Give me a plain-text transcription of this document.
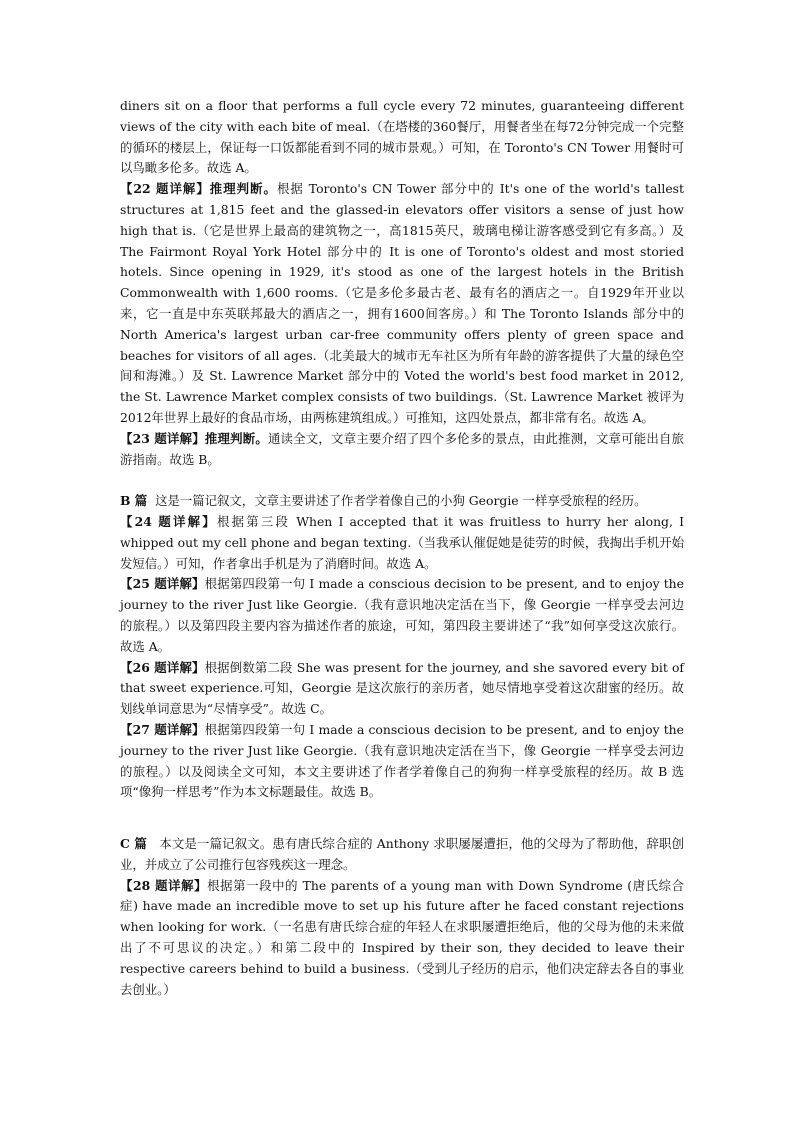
diners sit on a floor that performs a full cycle every 72 minutes, guaranteeing different views of the city with each bite of meal.（在塔楼的360餐厅，用餐者坐在每72分钟完成一个完整的循环的楼层上，保证每一口饭都能看到不同的城市景观。）可知，在 Toronto's CN Tower 用餐时可以鸟瞰多伦多。故选 A。

【22 题详解】推理判断。根据 Toronto's CN Tower 部分中的 It's one of the world's tallest structures at 1,815 feet and the glassed-in elevators offer visitors a sense of just how high that is.（它是世界上最高的建筑物之一，高1815英尺，玻璃电梯让游客感受到它有多高。）及 The Fairmont Royal York Hotel 部分中的 It is one of Toronto's oldest and most storied hotels. Since opening in 1929, it's stood as one of the largest hotels in the British Commonwealth with 1,600 rooms.（它是多伦多最古老、最有名的酒店之一。自1929年开业以来，它一直是中东英联邦最大的酒店之一，拥有1600间客房。）和 The Toronto Islands 部分中的 North America's largest urban car-free community offers plenty of green space and beaches for visitors of all ages.（北美最大的城市无车社区为所有年龄的游客提供了大量的绿色空间和海滩。）及 St. Lawrence Market 部分中的 Voted the world's best food market in 2012, the St. Lawrence Market complex consists of two buildings.（St. Lawrence Market 被评为2012年世界上最好的食品市场，由两栋建筑组成。）可推知，这四处景点，都非常有名。故选 A。

【23 题详解】推理判断。通读全文，文章主要介绍了四个多伦多的景点，由此推测，文章可能出自旅游指南。故选 B。

B 篇 这是一篇记叙文，文章主要讲述了作者学着像自己的小狗 Georgie 一样享受旅程的经历。

【24 题详解】根据第三段 When I accepted that it was fruitless to hurry her along, I whipped out my cell phone and began texting.（当我承认催促她是徒劳的时候，我掏出手机开始发短信。）可知，作者拿出手机是为了消磨时间。故选 A。

【25 题详解】根据第四段第一句 I made a conscious decision to be present, and to enjoy the journey to the river Just like Georgie.（我有意识地决定活在当下，像 Georgie 一样享受去河边的旅程。）以及第四段主要内容为描述作者的旅途，可知，第四段主要讲述了“我”如何享受这次旅行。故选 A。

【26 题详解】根据倒数第二段 She was present for the journey, and she savored every bit of that sweet experience.可知，Georgie 是这次旅行的亲历者，她尽情地享受着这次甜蜜的经历。故划线单词意思为“尽情享受”。故选 C。

【27 题详解】根据第四段第一句 I made a conscious decision to be present, and to enjoy the journey to the river Just like Georgie.（我有意识地决定活在当下，像 Georgie 一样享受去河边的旅程。）以及阅读全文可知，本文主要讲述了作者学着像自己的狗狗一样享受旅程的经历。故 B 选项“像狗一样思考”作为本文标题最佳。故选 B。

C 篇　本文是一篇记叙文。患有唐氏综合症的 Anthony 求职屡屡遭拒，他的父母为了帮助他，辞职创业，并成立了公司推行包容残疾这一理念。

【28 题详解】根据第一段中的 The parents of a young man with Down Syndrome (唐氏综合症) have made an incredible move to set up his future after he faced constant rejections when looking for work.（一名患有唐氏综合症的年轻人在求职屡遭拒绝后，他的父母为他的未来做出了不可思议的决定。）和第二段中的 Inspired by their son, they decided to leave their respective careers behind to build a business.（受到儿子经历的启示，他们决定辞去各自的事业去创业。）
